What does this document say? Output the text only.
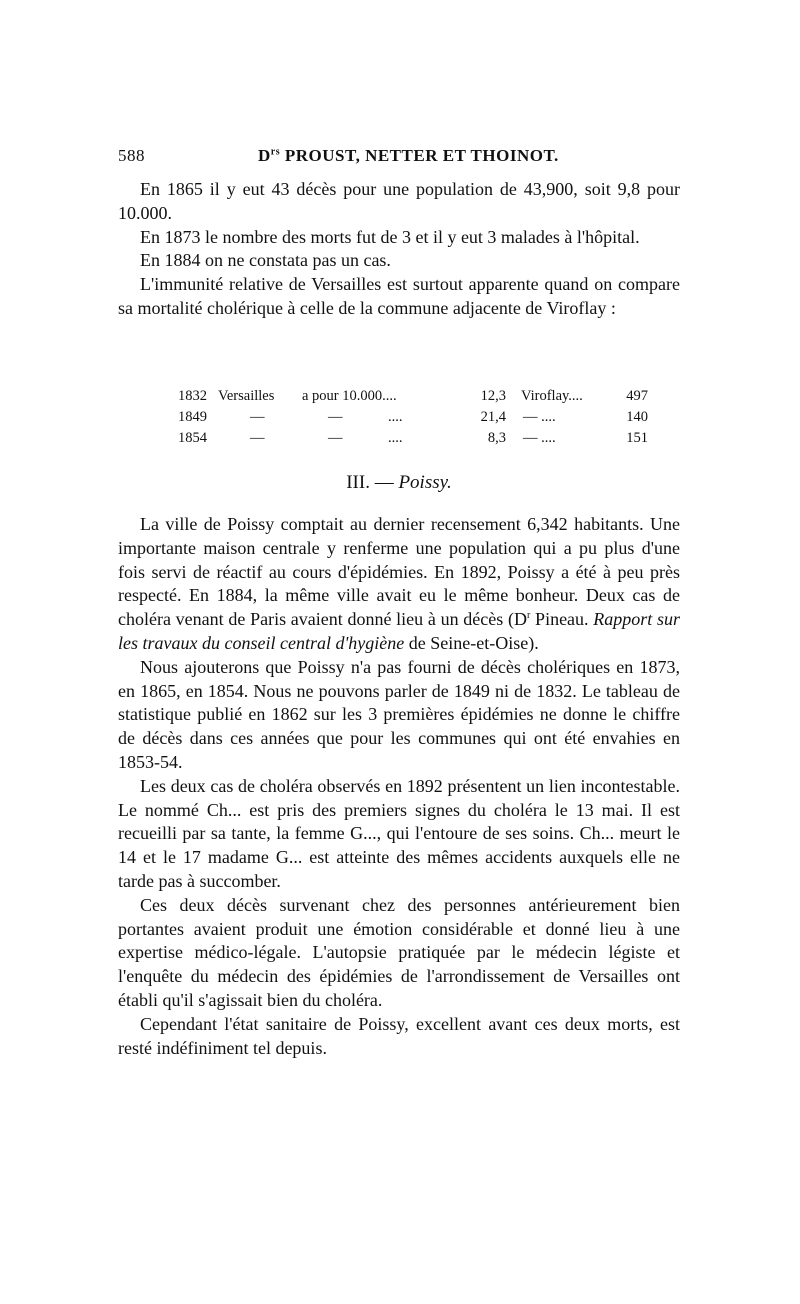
588	$D^{rs}$ PROUST, NETTER ET THOINOT.

En 1865 il y eut 43 décès pour une population de 43,900, soit 9,8 pour 10.000.

En 1873 le nombre des morts fut de 3 et il y eut 3 malades à l'hôpital.

En 1884 on ne constata pas un cas.

L'immunité relative de Versailles est surtout apparente quand on compare sa mortalité cholérique à celle de la commune adjacente de Viroflay :

1832 Versailles a pour 10.000....	12,3 Viroflay....	497
1849	—	—	....	21,4 — ....	140
1854	—	—	....	8,3 — ....	151
III. — Poissy.

La ville de Poissy comptait au dernier recensement 6,342 habitants. Une importante maison centrale y renferme une population qui a pu plus d'une fois servi de réactif au cours d'épidémies. En 1892, Poissy a été à peu près respecté. En 1884, la même ville avait eu le même bonheur. Deux cas de choléra venant de Paris avaient donné lieu à un décès ($D^r$ Pineau. Rapport sur les travaux du conseil central d'hygiène de Seine-et-Oise).

Nous ajouterons que Poissy n'a pas fourni de décès cholériques en 1873, en 1865, en 1854. Nous ne pouvons parler de 1849 ni de 1832. Le tableau de statistique publié en 1862 sur les 3 premières épidémies ne donne le chiffre de décès dans ces années que pour les communes qui ont été envahies en 1853-54.

Les deux cas de choléra observés en 1892 présentent un lien incontestable. Le nommé Ch... est pris des premiers signes du choléra le 13 mai. Il est recueilli par sa tante, la femme G..., qui l'entoure de ses soins. Ch... meurt le 14 et le 17 madame G... est atteinte des mêmes accidents auxquels elle ne tarde pas à succomber.

Ces deux décès survenant chez des personnes antérieurement bien portantes avaient produit une émotion considérable et donné lieu à une expertise médico-légale. L'autopsie pratiquée par le médecin légiste et l'enquête du médecin des épidémies de l'arrondissement de Versailles ont établi qu'il s'agissait bien du choléra.

Cependant l'état sanitaire de Poissy, excellent avant ces deux morts, est resté indéfiniment tel depuis.
